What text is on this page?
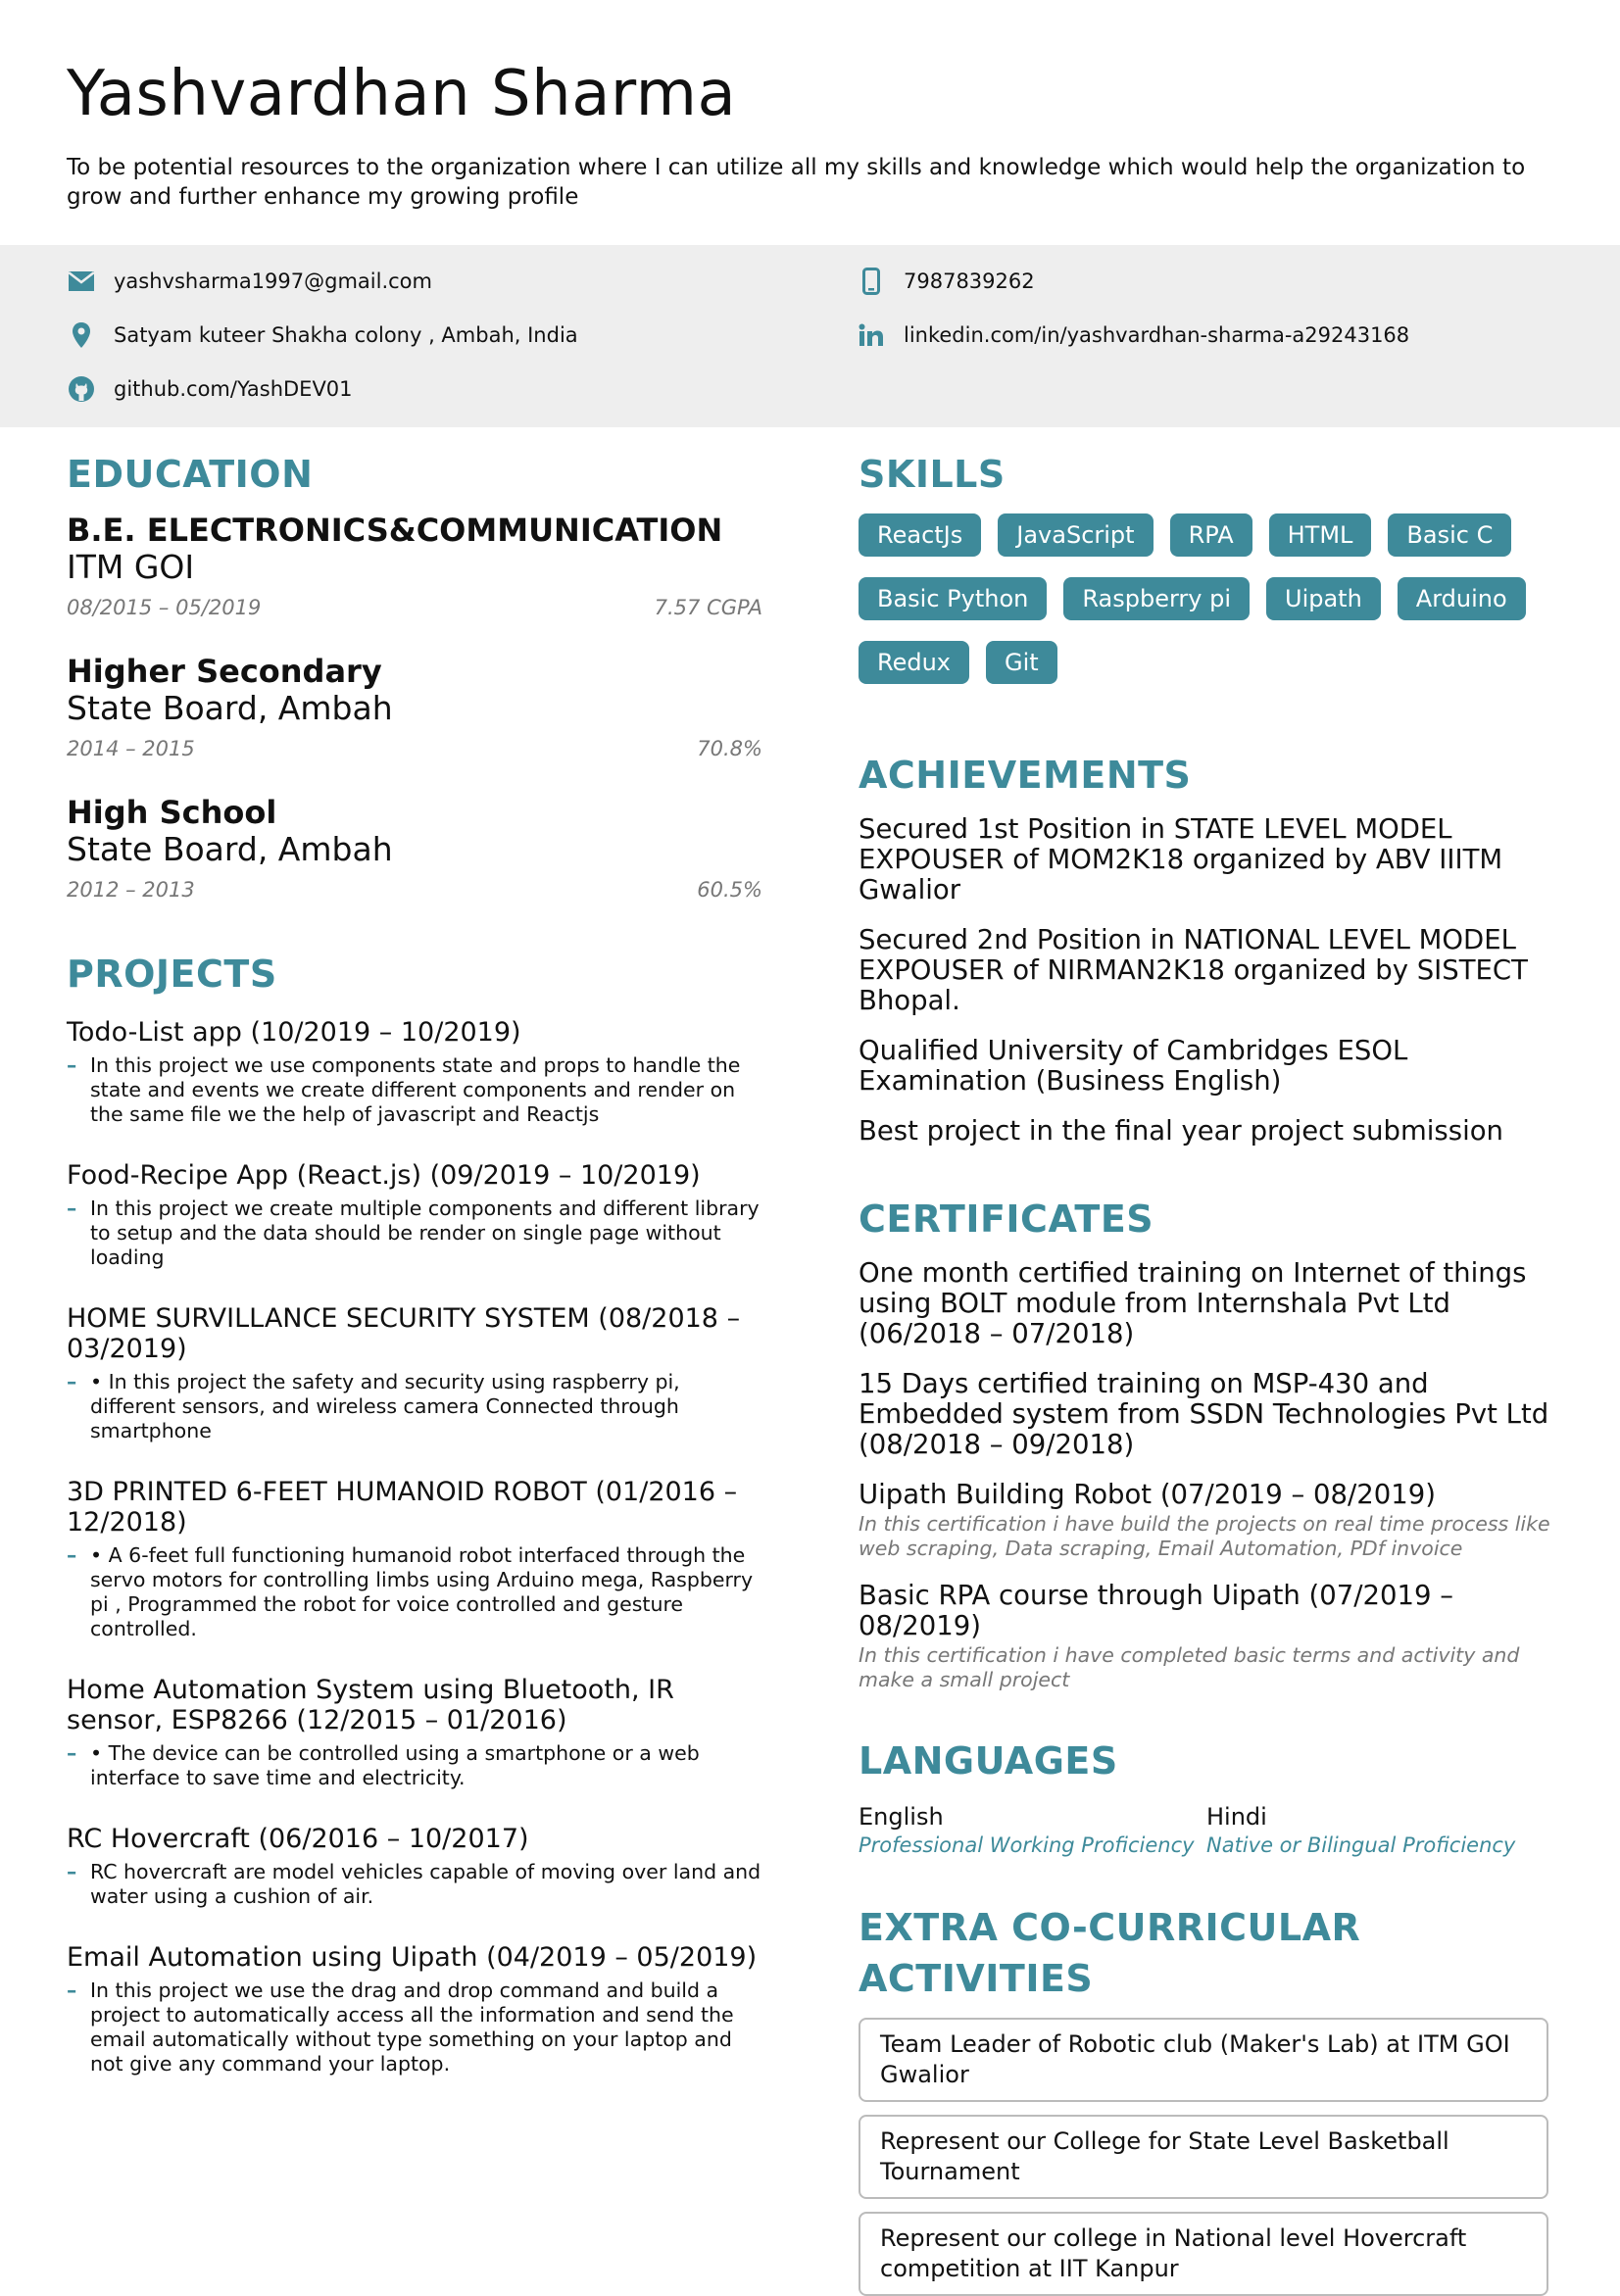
Yashvardhan Sharma
To be potential resources to the organization where I can utilize all my skills and knowledge which would help the organization to grow and further enhance my growing profile
yashvsharma1997@gmail.com	7987839262
Satyam kuteer Shakha colony , Ambah, India	linkedin.com/in/yashvardhan-sharma-a29243168
github.com/YashDEV01
EDUCATION
B.E. ELECTRONICS&COMMUNICATION
ITM GOI
08/2015 – 05/2019	7.57 CGPA
Higher Secondary
State Board, Ambah
2014 – 2015	70.8%
High School
State Board, Ambah
2012 – 2013	60.5%
PROJECTS
Todo-List app (10/2019 – 10/2019)
– In this project we use components state and props to handle the state and events we create different components and render on the same file we the help of javascript and Reactjs
Food-Recipe App (React.js) (09/2019 – 10/2019)
– In this project we create multiple components and different library to setup and the data should be render on single page without loading
HOME SURVILLANCE SECURITY SYSTEM (08/2018 – 03/2019)
– • In this project the safety and security using raspberry pi, different sensors, and wireless camera Connected through smartphone
3D PRINTED 6-FEET HUMANOID ROBOT (01/2016 – 12/2018)
– • A 6-feet full functioning humanoid robot interfaced through the servo motors for controlling limbs using Arduino mega, Raspberry pi , Programmed the robot for voice controlled and gesture controlled.
Home Automation System using Bluetooth, IR sensor, ESP8266 (12/2015 – 01/2016)
– • The device can be controlled using a smartphone or a web interface to save time and electricity.
RC Hovercraft (06/2016 – 10/2017)
– RC hovercraft are model vehicles capable of moving over land and water using a cushion of air.
Email Automation using Uipath (04/2019 – 05/2019)
– In this project we use the drag and drop command and build a project to automatically access all the information and send the email automatically without type something on your laptop and not give any command your laptop.
SKILLS
ReactJs	JavaScript	RPA	HTML	Basic C
Basic Python	Raspberry pi	Uipath	Arduino
Redux	Git
ACHIEVEMENTS
Secured 1st Position in STATE LEVEL MODEL EXPOUSER of MOM2K18 organized by ABV IIITM Gwalior
Secured 2nd Position in NATIONAL LEVEL MODEL EXPOUSER of NIRMAN2K18 organized by SISTECT Bhopal.
Qualified University of Cambridges ESOL Examination (Business English)
Best project in the final year project submission
CERTIFICATES
One month certified training on Internet of things using BOLT module from Internshala Pvt Ltd
(06/2018 – 07/2018)
15 Days certified training on MSP-430 and Embedded system from SSDN Technologies Pvt Ltd
(08/2018 – 09/2018)
Uipath Building Robot (07/2019 – 08/2019)
In this certification i have build the projects on real time process like web scraping, Data scraping, Email Automation, PDf invoice
Basic RPA course through Uipath (07/2019 – 08/2019)
In this certification i have completed basic terms and activity and make a small project
LANGUAGES
English
Professional Working Proficiency
Hindi
Native or Bilingual Proficiency
EXTRA CO-CURRICULAR ACTIVITIES
Team Leader of Robotic club (Maker's Lab) at ITM GOI Gwalior
Represent our College for State Level Basketball Tournament
Represent our college in National level Hovercraft competition at IIT Kanpur
